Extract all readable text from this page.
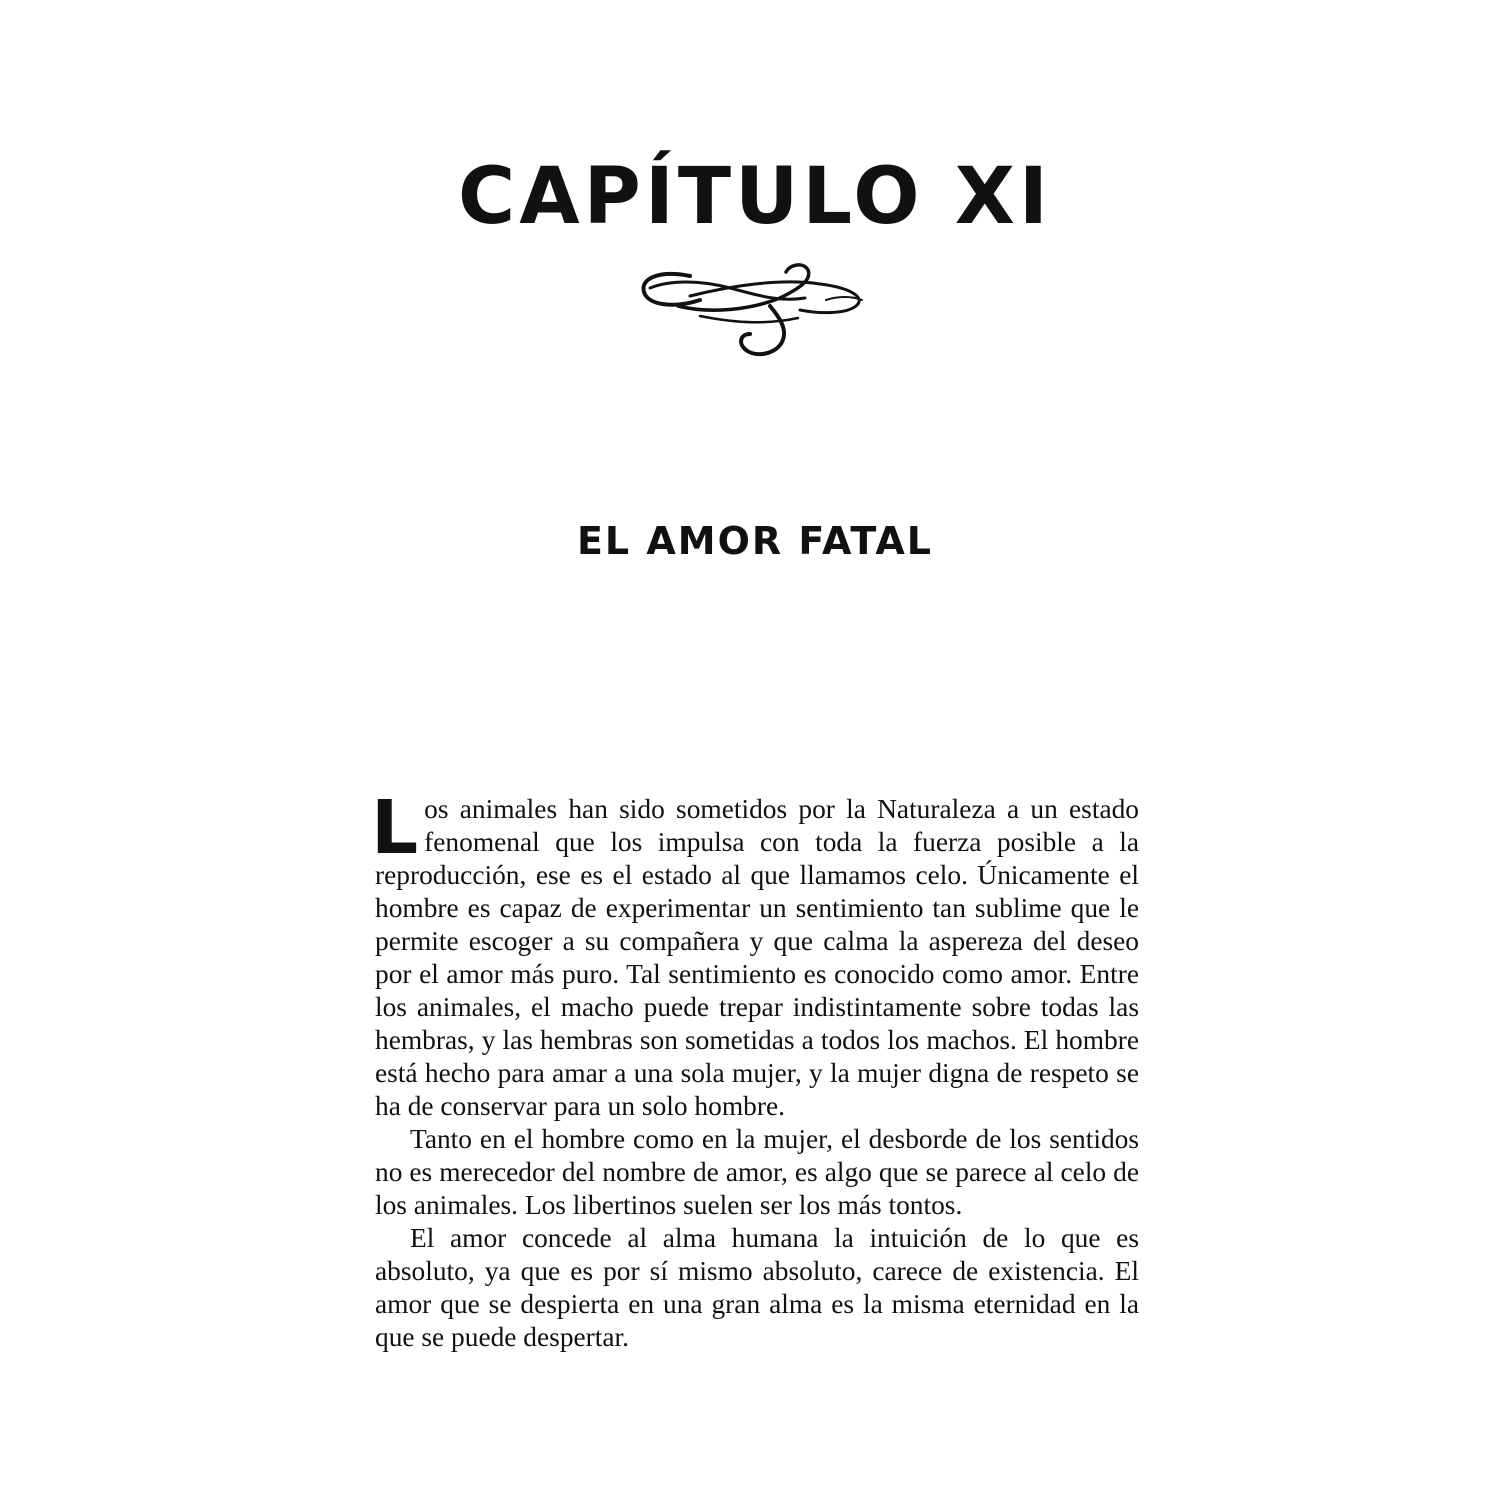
CAPÍTULO XI
EL AMOR FATAL

Los animales han sido sometidos por la Naturaleza a un estado fenomenal que los impulsa con toda la fuerza posible a la reproducción, ese es el estado al que llamamos celo. Únicamente el hombre es capaz de experimentar un sentimiento tan sublime que le permite escoger a su compañera y que calma la aspereza del deseo por el amor más puro. Tal sentimiento es conocido como amor. Entre los animales, el macho puede trepar indistintamente sobre todas las hembras, y las hembras son sometidas a todos los machos. El hombre está hecho para amar a una sola mujer, y la mujer digna de respeto se ha de conservar para un solo hombre.

Tanto en el hombre como en la mujer, el desborde de los sentidos no es merecedor del nombre de amor, es algo que se parece al celo de los animales. Los libertinos suelen ser los más tontos.

El amor concede al alma humana la intuición de lo que es absoluto, ya que es por sí mismo absoluto, carece de existencia. El amor que se despierta en una gran alma es la misma eternidad en la que se puede despertar.
